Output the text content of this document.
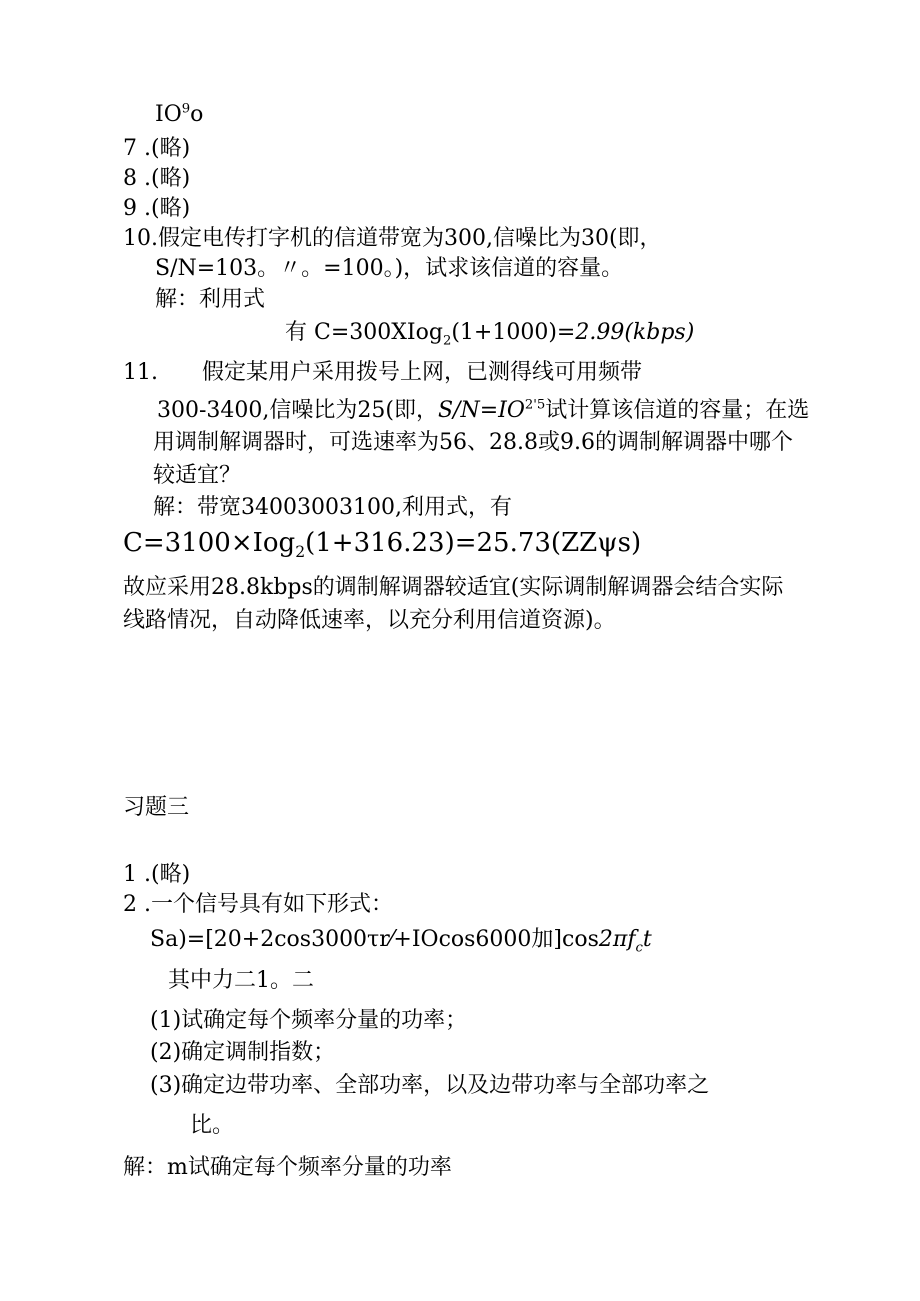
$IO^9o$
7 .(略)
8 .(略)
9 .(略)
10.假定电传打字机的信道带宽为300,信噪比为30(即，
S/N=103。〃。=100。)，试求该信道的容量。
解：利用式
有 C=300XIog$_2$(1+1000)=2.99(kbps)
11.　　假定某用户采用拨号上网，已测得线可用频带
300-3400,信噪比为25(即，$S/N=IO^{2'5}$试计算该信道的容量；在选
用调制解调器时，可选速率为56、28.8或9.6的调制解调器中哪个
较适宜？
解：带宽34003003100,利用式，有
C=3100×Iog$_2$(1+316.23)=25.73(ZZψs)
故应采用28.8kbps的调制解调器较适宜(实际调制解调器会结合实际
线路情况，自动降低速率，以充分利用信道资源)。
习题三
1 .(略)
2 .一个信号具有如下形式：
Sa)=[20+2cos3000τr⁄+IOcos6000加]$\cos 2\pi f_ct$
其中力二1。二
(1)试确定每个频率分量的功率；
(2)确定调制指数；
(3)确定边带功率、全部功率，以及边带功率与全部功率之
比。
解：m试确定每个频率分量的功率
